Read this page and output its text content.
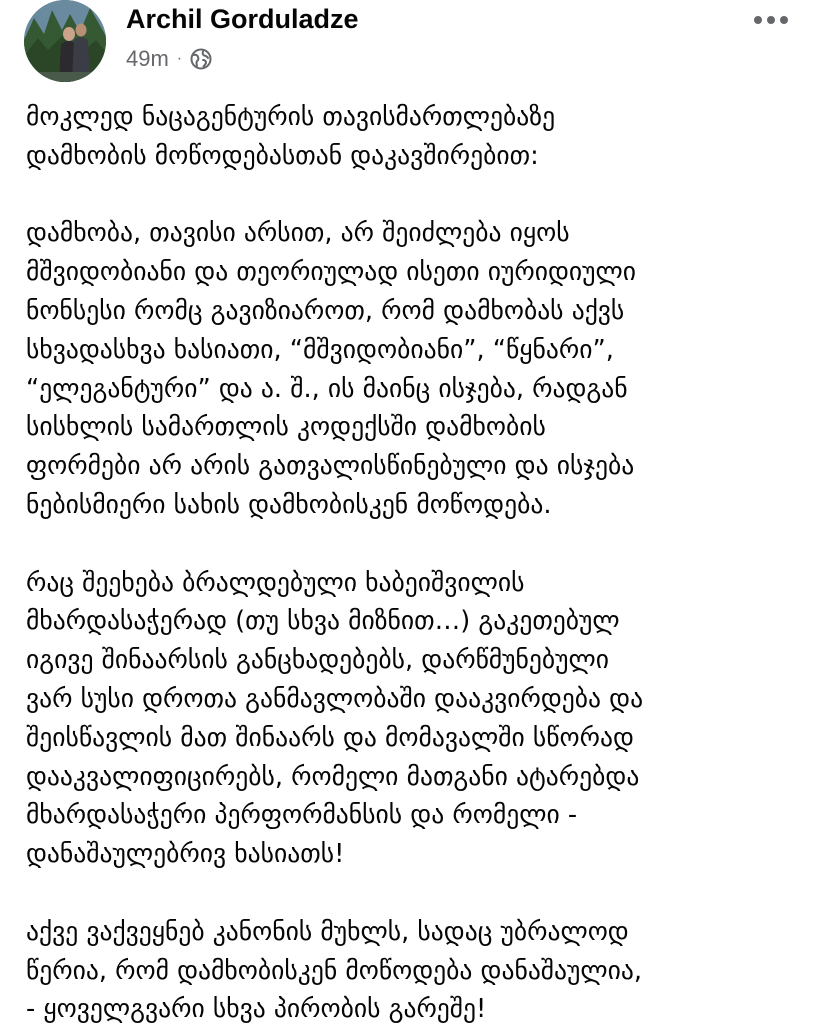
Archil Gorduladze
49m ·

მოკლედ ნაცაგენტურის თავისმართლებაზე
დამხობის მოწოდებასთან დაკავშირებით:

დამხობა, თავისი არსით, არ შეიძლება იყოს
მშვიდობიანი და თეორიულად ისეთი იურიდიული
ნონსესი რომც გავიზიაროთ, რომ დამხობას აქვს
სხვადასხვა ხასიათი, “მშვიდობიანი”, “წყნარი”,
“ელეგანტური” და ა. შ., ის მაინც ისჯება, რადგან
სისხლის სამართლის კოდექსში დამხობის
ფორმები არ არის გათვალისწინებული და ისჯება
ნებისმიერი სახის დამხობისკენ მოწოდება.

რაც შეეხება ბრალდებული ხაბეიშვილის
მხარდასაჭერად (თუ სხვა მიზნით…) გაკეთებულ
იგივე შინაარსის განცხადებებს, დარწმუნებული
ვარ სუსი დროთა განმავლობაში დააკვირდება და
შეისწავლის მათ შინაარს და მომავალში სწორად
დააკვალიფიცირებს, რომელი მათგანი ატარებდა
მხარდასაჭერი პერფორმანსის და რომელი -
დანაშაულებრივ ხასიათს!

აქვე ვაქვეყნებ კანონის მუხლს, სადაც უბრალოდ
წერია, რომ დამხობისკენ მოწოდება დანაშაულია,
- ყოველგვარი სხვა პირობის გარეშე!
